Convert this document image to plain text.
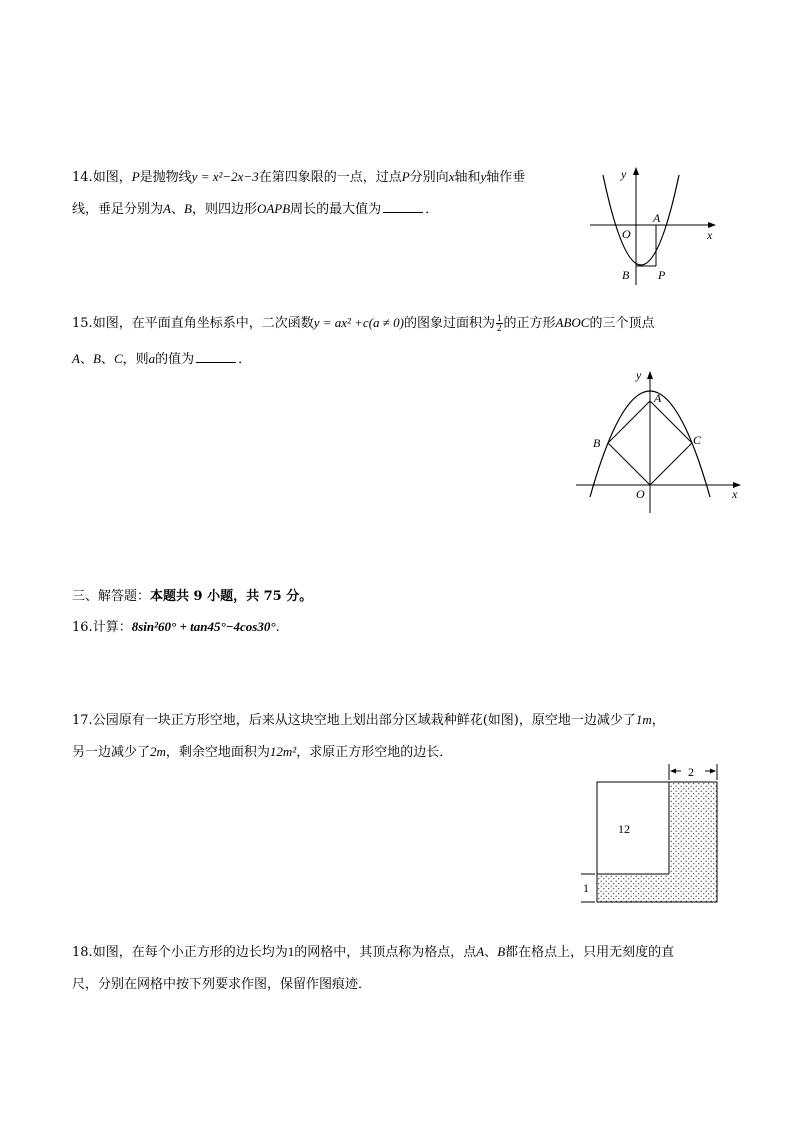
14.如图，P是抛物线y = x²−2x−3在第四象限的一点，过点P分别向x轴和y轴作垂
线，垂足分别为A、B，则四边形OAPB周长的最大值为	．
y
x
O
A
B P
15.如图，在平面直角坐标系中，二次函数y = ax² +c(a ≠ 0)的图象过面积为 $\frac{1}{2}$ 的正方形ABOC的三个顶点
A、B、C，则a的值为	．
y
x
O
A
B	C
三、解答题：本题共 9 小题，共 75 分。
16.计算：8sin²60° + tan45°−4cos30°.
17.公园原有一块正方形空地，后来从这块空地上划出部分区域栽种鲜花(如图)，原空地一边减少了1m，
另一边减少了2m，剩余空地面积为12m²，求原正方形空地的边长．
2
12
1
18.如图，在每个小正方形的边长均为1的网格中，其顶点称为格点，点A、B都在格点上，只用无刻度的直
尺，分别在网格中按下列要求作图，保留作图痕迹．
